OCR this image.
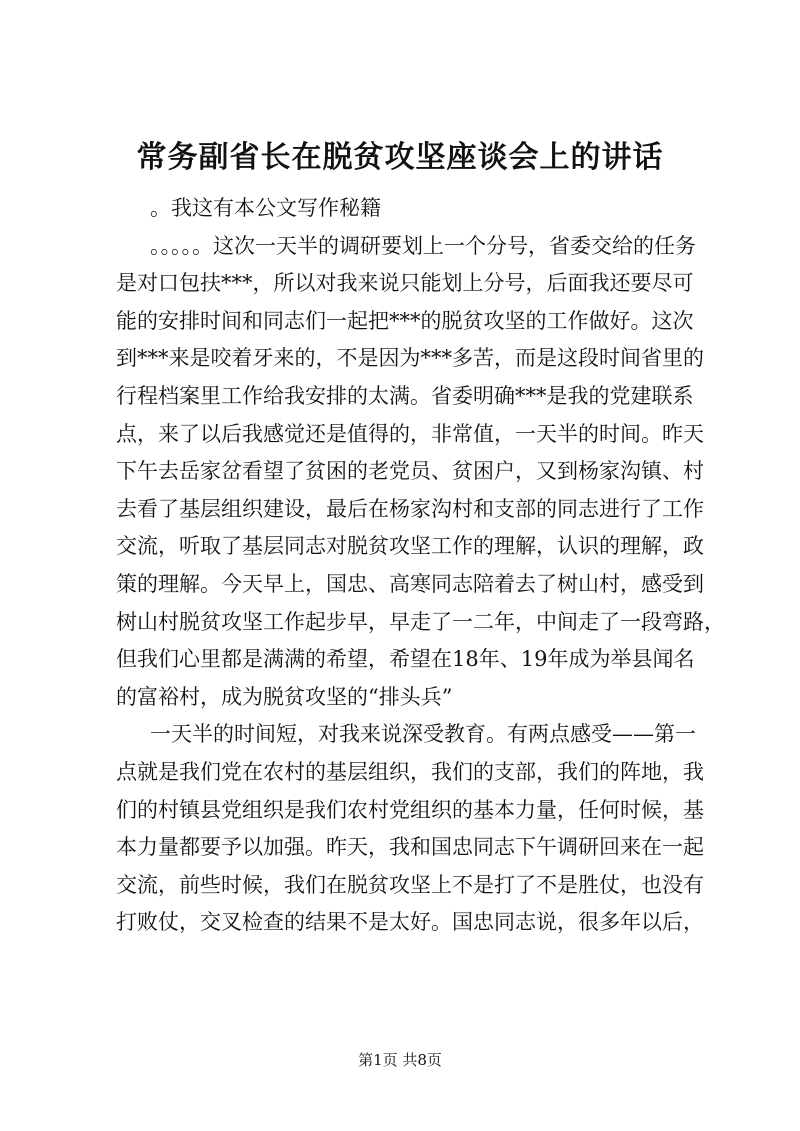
常务副省长在脱贫攻坚座谈会上的讲话
。我这有本公文写作秘籍
。。。。。这次一天半的调研要划上一个分号，省委交给的任务
是对口包扶***，所以对我来说只能划上分号，后面我还要尽可
能的安排时间和同志们一起把***的脱贫攻坚的工作做好。这次
到***来是咬着牙来的，不是因为***多苦，而是这段时间省里的
行程档案里工作给我安排的太满。省委明确***是我的党建联系
点，来了以后我感觉还是值得的，非常值，一天半的时间。昨天
下午去岳家岔看望了贫困的老党员、贫困户，又到杨家沟镇、村
去看了基层组织建设，最后在杨家沟村和支部的同志进行了工作
交流，听取了基层同志对脱贫攻坚工作的理解，认识的理解，政
策的理解。今天早上，国忠、高寒同志陪着去了树山村，感受到
树山村脱贫攻坚工作起步早，早走了一二年，中间走了一段弯路，
但我们心里都是满满的希望，希望在18年、19年成为举县闻名
的富裕村，成为脱贫攻坚的“排头兵”
一天半的时间短，对我来说深受教育。有两点感受——第一
点就是我们党在农村的基层组织，我们的支部，我们的阵地，我
们的村镇县党组织是我们农村党组织的基本力量，任何时候，基
本力量都要予以加强。昨天，我和国忠同志下午调研回来在一起
交流，前些时候，我们在脱贫攻坚上不是打了不是胜仗，也没有
打败仗，交叉检查的结果不是太好。国忠同志说，很多年以后，
第1页 共8页
